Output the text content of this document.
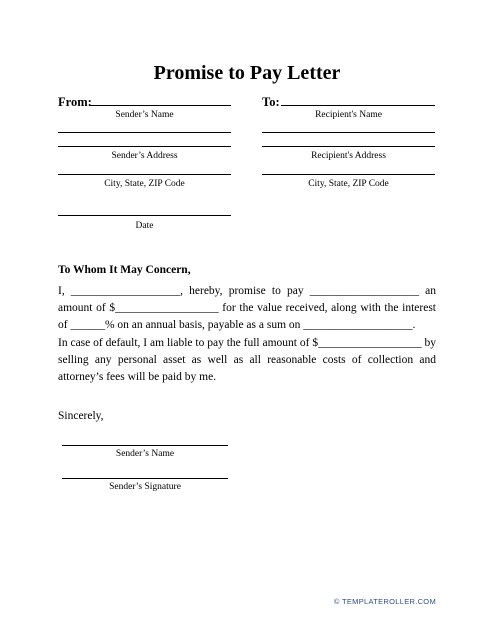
Promise to Pay Letter
From:
Sender’s Name
Sender’s Address
City, State, ZIP Code
Date
To:
Recipient's Name
Recipient's Address
City, State, ZIP Code
To Whom It May Concern,
I, ___________________, hereby, promise to pay ___________________ an amount of $__________________ for the value received, along with the interest of ______% on an annual basis, payable as a sum on ___________________.
In case of default, I am liable to pay the full amount of $__________________ by selling any personal asset as well as all reasonable costs of collection and attorney’s fees will be paid by me.
Sincerely,
Sender’s Name
Sender’s Signature
© TEMPLATEROLLER.COM
